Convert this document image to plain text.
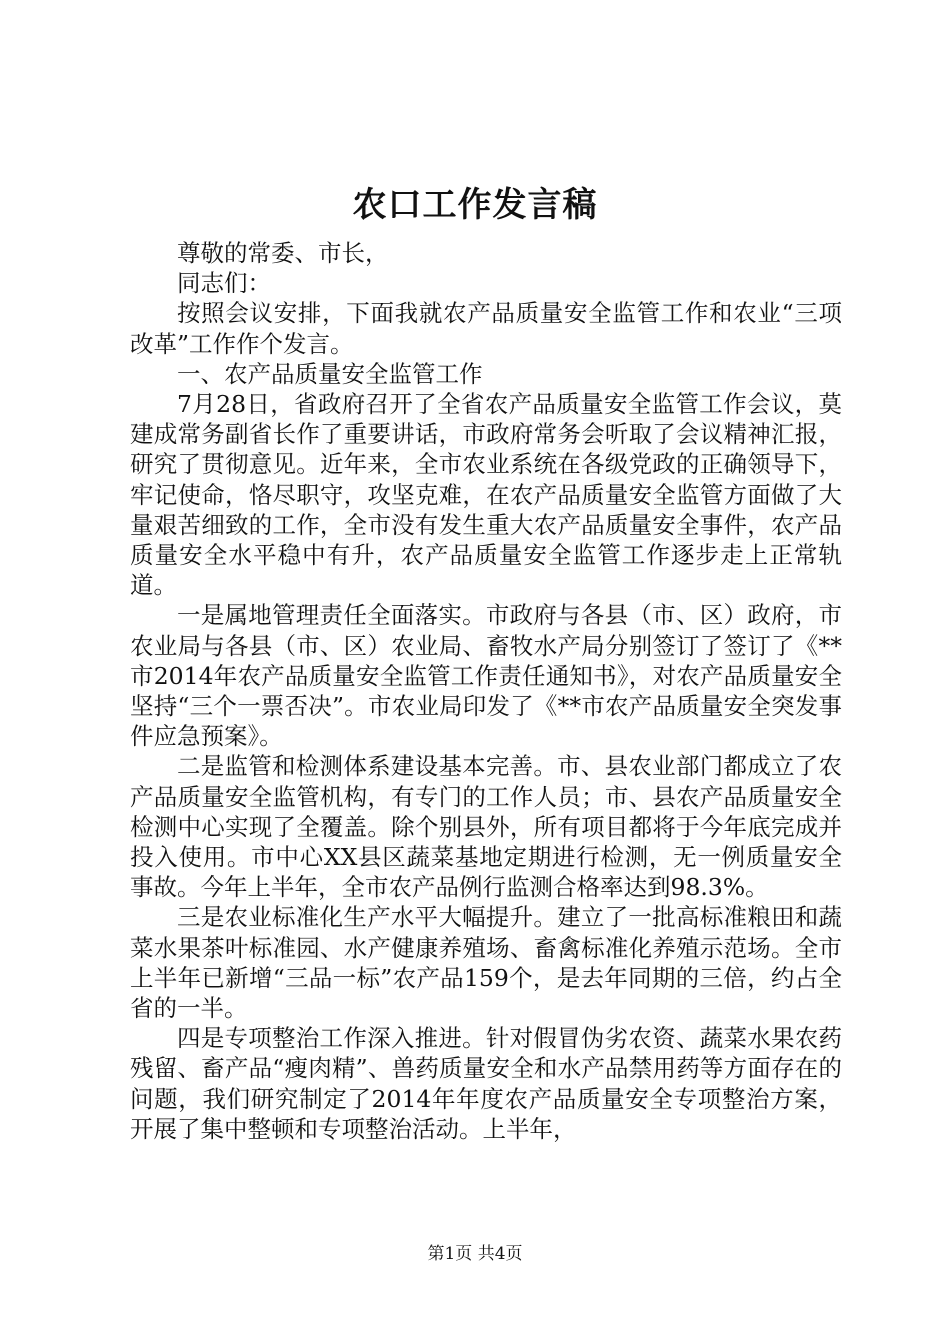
农口工作发言稿

尊敬的常委、市长，

同志们：

按照会议安排，下面我就农产品质量安全监管工作和农业“三项改革”工作作个发言。

一、农产品质量安全监管工作

7月28日，省政府召开了全省农产品质量安全监管工作会议，莫建成常务副省长作了重要讲话，市政府常务会听取了会议精神汇报，研究了贯彻意见。近年来，全市农业系统在各级党政的正确领导下，牢记使命，恪尽职守，攻坚克难，在农产品质量安全监管方面做了大量艰苦细致的工作，全市没有发生重大农产品质量安全事件，农产品质量安全水平稳中有升，农产品质量安全监管工作逐步走上正常轨道。

一是属地管理责任全面落实。市政府与各县（市、区）政府，市农业局与各县（市、区）农业局、畜牧水产局分别签订了签订了《**市2014年农产品质量安全监管工作责任通知书》，对农产品质量安全坚持“三个一票否决”。市农业局印发了《**市农产品质量安全突发事件应急预案》。

二是监管和检测体系建设基本完善。市、县农业部门都成立了农产品质量安全监管机构，有专门的工作人员；市、县农产品质量安全检测中心实现了全覆盖。除个别县外，所有项目都将于今年底完成并投入使用。市中心XX县区蔬菜基地定期进行检测，无一例质量安全事故。今年上半年，全市农产品例行监测合格率达到98.3%。

三是农业标准化生产水平大幅提升。建立了一批高标准粮田和蔬菜水果茶叶标准园、水产健康养殖场、畜禽标准化养殖示范场。全市上半年已新增“三品一标”农产品159个，是去年同期的三倍，约占全省的一半。

四是专项整治工作深入推进。针对假冒伪劣农资、蔬菜水果农药残留、畜产品“瘦肉精”、兽药质量安全和水产品禁用药等方面存在的问题，我们研究制定了2014年年度农产品质量安全专项整治方案，开展了集中整顿和专项整治活动。上半年，

第1页 共4页
